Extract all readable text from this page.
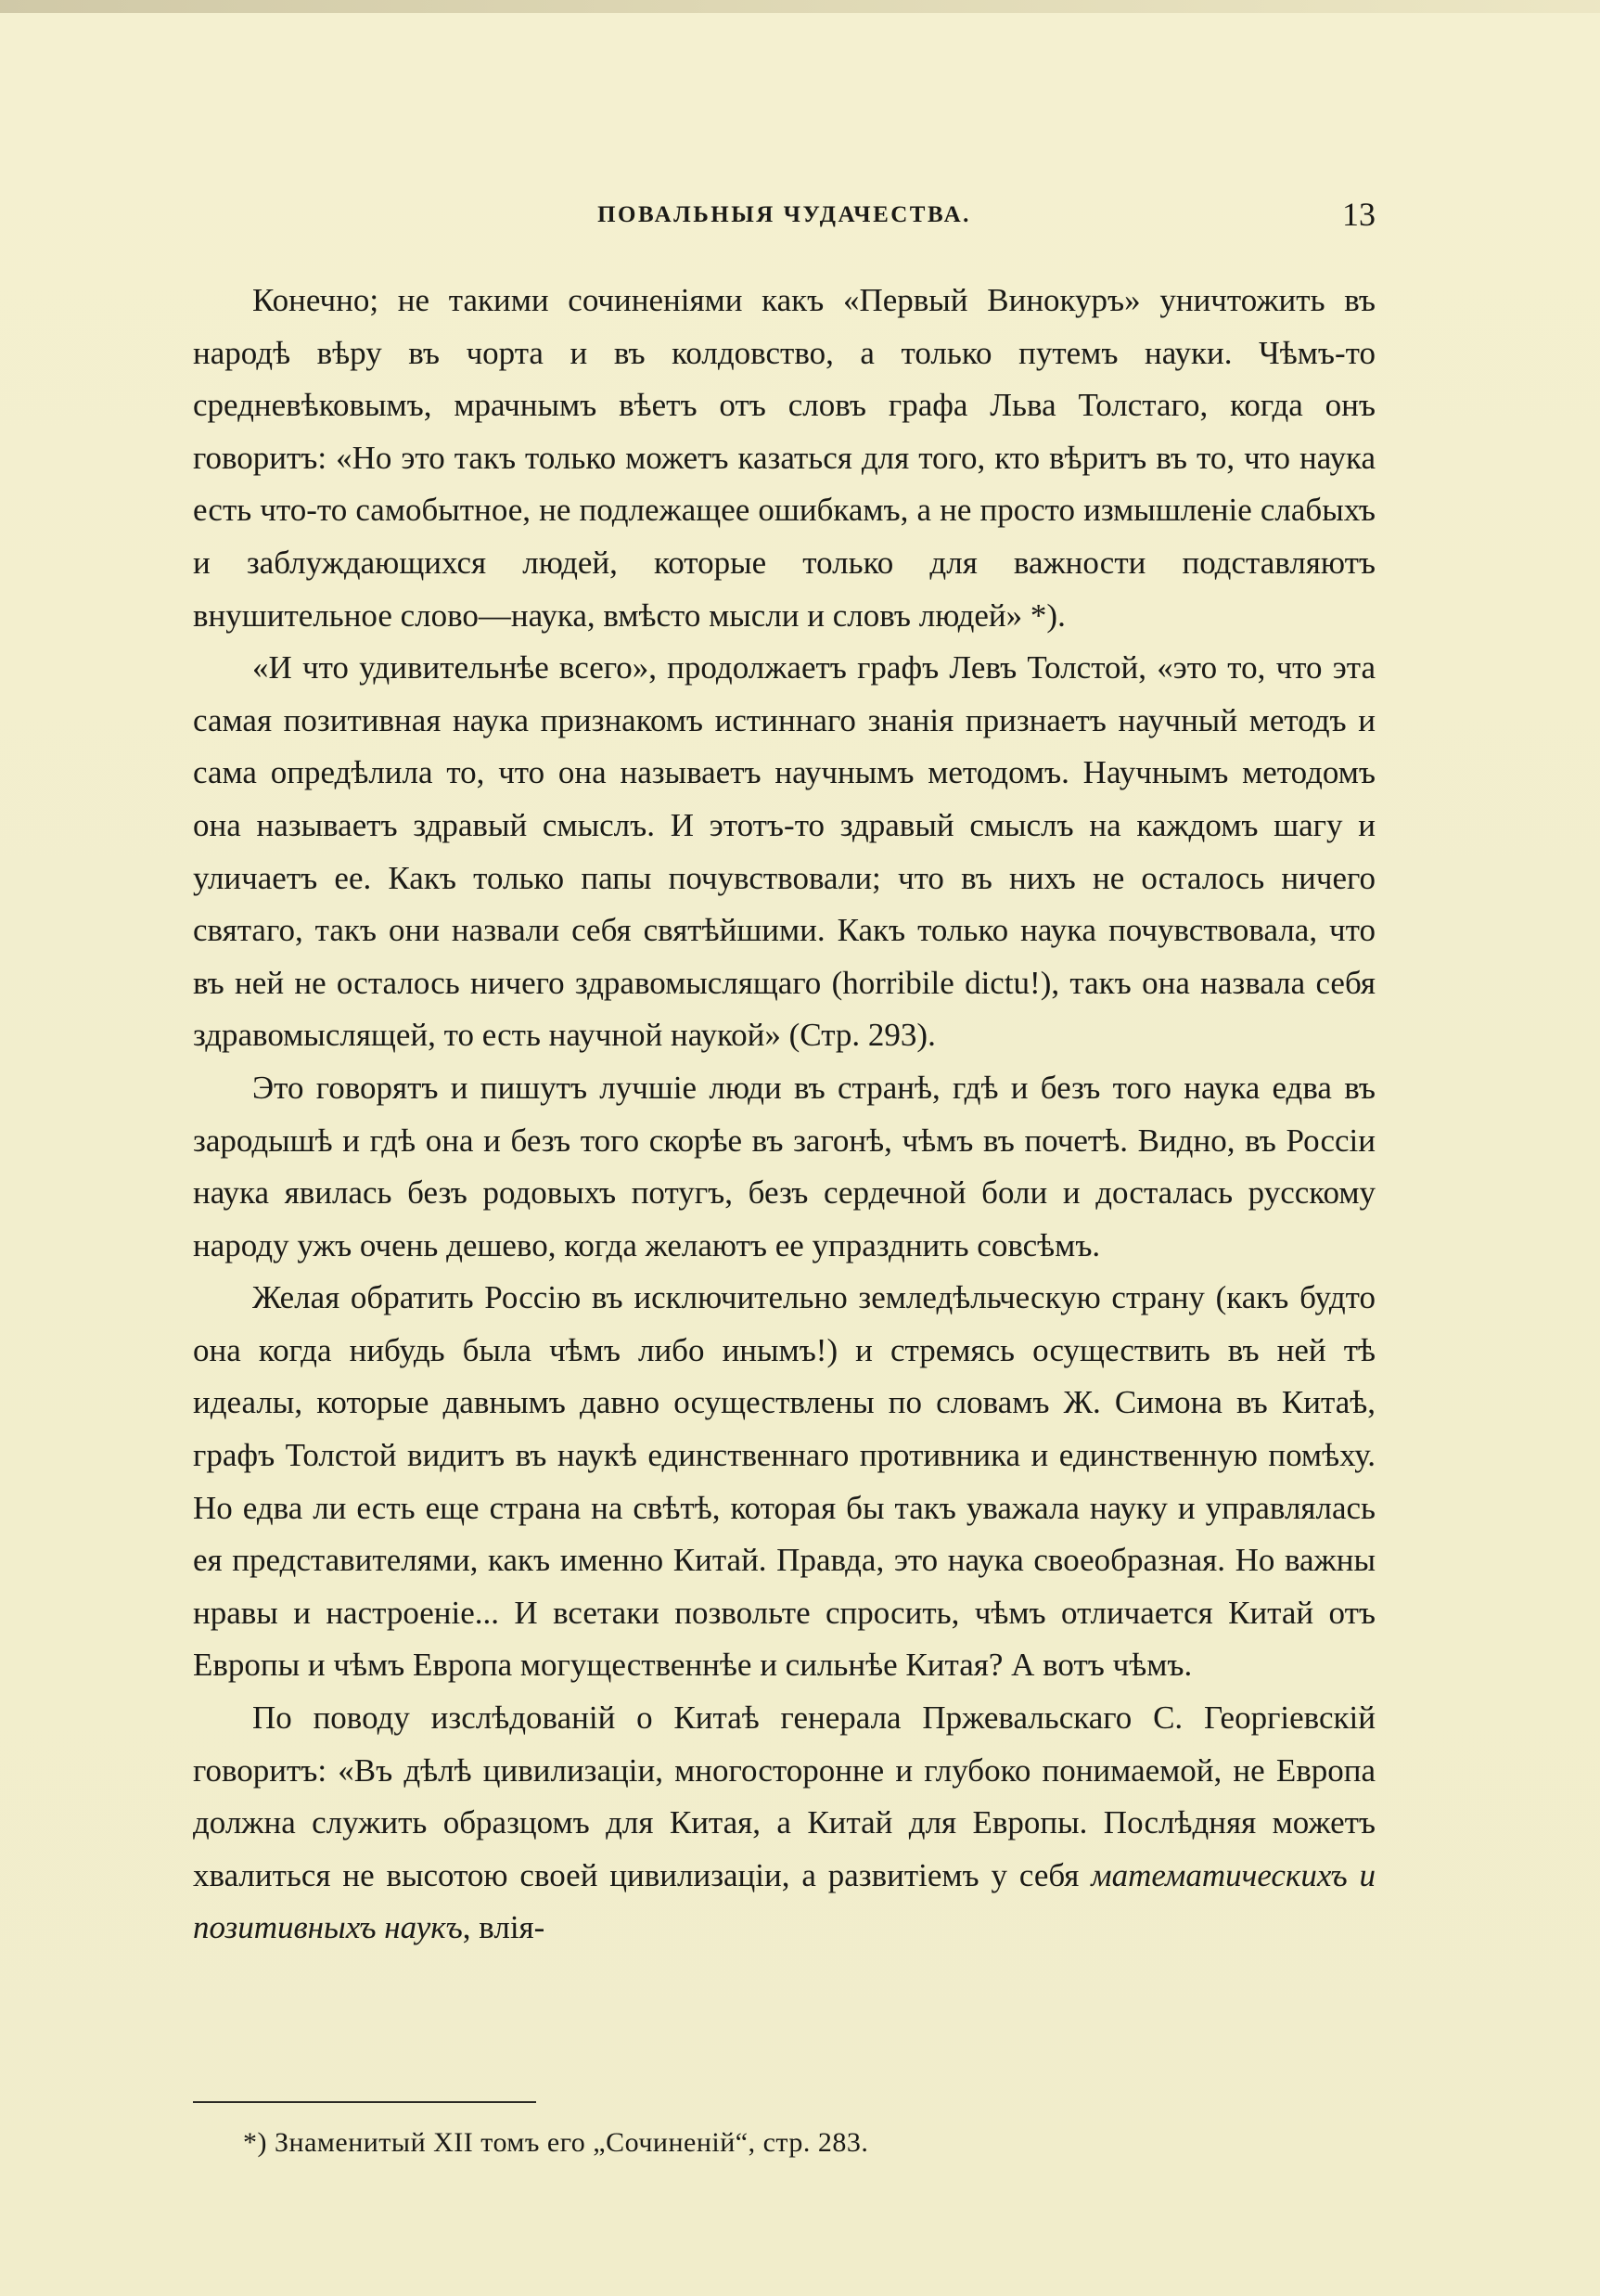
ПОВАЛЬНЫЯ ЧУДАЧЕСТВА.	13

Конечно; не такими сочиненіями какъ «Первый Винокуръ» уничтожить въ народѣ вѣру въ чорта и въ колдовство, а только путемъ науки. Чѣмъ-то средневѣковымъ, мрачнымъ вѣетъ отъ словъ графа Льва Толстаго, когда онъ говоритъ: «Но это такъ только можетъ казаться для того, кто вѣритъ въ то, что наука есть что-то самобытное, не подлежащее ошибкамъ, а не просто измышленіе слабыхъ и заблуждающихся людей, которые только для важности подставляютъ внушительное слово—наука, вмѣсто мысли и словъ людей» *).

«И что удивительнѣе всего», продолжаетъ графъ Левъ Толстой, «это то, что эта самая позитивная наука признакомъ истиннаго знанія признаетъ научный методъ и сама опредѣлила то, что она называетъ научнымъ методомъ. Научнымъ методомъ она называетъ здравый смыслъ. И этотъ-то здравый смыслъ на каждомъ шагу и уличаетъ ее. Какъ только папы почувствовали; что въ нихъ не осталось ничего святаго, такъ они назвали себя святѣйшими. Какъ только наука почувствовала, что въ ней не осталось ничего здравомыслящаго (horribile dictu!), такъ она назвала себя здравомыслящей, то есть научной наукой» (Стр. 293).

Это говорятъ и пишутъ лучшіе люди въ странѣ, гдѣ и безъ того наука едва въ зародышѣ и гдѣ она и безъ того скорѣе въ загонѣ, чѣмъ въ почетѣ. Видно, въ Россіи наука явилась безъ родовыхъ потугъ, безъ сердечной боли и досталась русскому народу ужъ очень дешево, когда желаютъ ее упразднить совсѣмъ.

Желая обратить Россію въ исключительно земледѣльческую страну (какъ будто она когда нибудь была чѣмъ либо инымъ!) и стремясь осуществить въ ней тѣ идеалы, которые давнымъ давно осуществлены по словамъ Ж. Симона въ Китаѣ, графъ Толстой видитъ въ наукѣ единственнаго противника и единственную помѣху. Но едва ли есть еще страна на свѣтѣ, которая бы такъ уважала науку и управлялась ея представителями, какъ именно Китай. Правда, это наука своеобразная. Но важны нравы и настроеніе... И всетаки позвольте спросить, чѣмъ отличается Китай отъ Европы и чѣмъ Европа могущественнѣе и сильнѣе Китая? А вотъ чѣмъ.

По поводу изслѣдованій о Китаѣ генерала Пржевальскаго С. Георгіевскій говоритъ: «Въ дѣлѣ цивилизаціи, многосторонне и глубоко понимаемой, не Европа должна служить образцомъ для Китая, а Китай для Европы. Послѣдняя можетъ хвалиться не высотою своей цивилизаціи, а развитіемъ у себя математическихъ и позитивныхъ наукъ, влія-

*) Знаменитый XII томъ его „Сочиненій“, стр. 283.
